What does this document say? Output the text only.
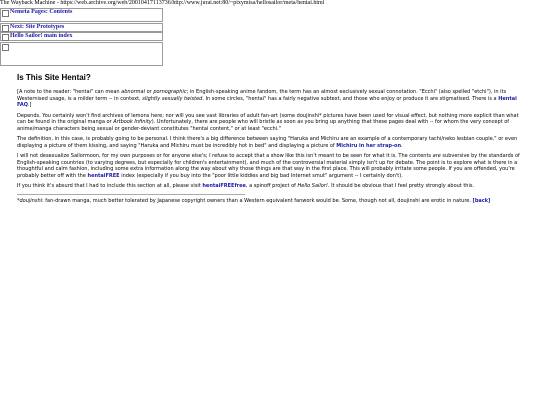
The Wayback Machine - https://web.archive.org/web/20010417113736/http://www.jurai.net:80/~pixymisa/hellosailor/meta/hentai.html
Nemeta Pages: Contents
Next: Site Prototypes
Hello Sailor! main index
Is This Site Hentai?

[A note to the reader: "hentai" can mean abnormal or pornographic; in English-speaking anime fandom, the term has an almost exclusively sexual connotation. "Ecchi" (also spelled "etchi"), in its Westernised usage, is a milder term -- in context, slightly sexually twisted. In some circles, "hentai" has a fairly negative subtext, and those who enjoy or produce it are stigmatised. There is a Hentai FAQ.]

Depends. You certainly won't find archives of lemons here; nor will you see vast libraries of adult fan-art (some doujinshi* pictures have been used for visual effect, but nothing more explicit than what can be found in the original manga or Artbook Infinity). Unfortunately, there are people who will bristle as soon as you bring up anything that these pages deal with -- for whom the very concept of anime/manga characters being sexual or gender-deviant constitutes "hentai content," or at least "ecchi."

The definition, in this case, is probably going to be personal. I think there's a big difference between saying "Haruka and Michiru are an example of a contemporary tachi/neko lesbian couple," or even displaying a picture of them kissing, and saying "Haruka and Michiru must be incredibly hot in bed" and displaying a picture of Michiru in her strap-on.

I will not desexualize Sailormoon, for my own purposes or for anyone else's; I refuse to accept that a show like this isn't meant to be seen for what it is. The contents are subversive by the standards of English-speaking countries (to varying degrees, but especially for children's entertainment), and much of the controversial material simply isn't up for debate. The point is to explore what is there in a thoughtful and calm fashion, including some extra information along the way about why those things are that way in the first place. This will probably irritate some people. If you are offended, you're probably better off with the hentaiFREE index (especially if you buy into the "poor little kiddies and big bad Internet smut" argument -- I certainly don't).

If you think it's absurd that I had to include this section at all, please visit hentaiFREEfree, a spinoff project of Hello Sailor!. It should be obvious that I feel pretty strongly about this.

*doujinshi: fan-drawn manga, much better tolerated by Japanese copyright owners than a Western equivalent fanwork would be. Some, though not all, doujinshi are erotic in nature. [back]
